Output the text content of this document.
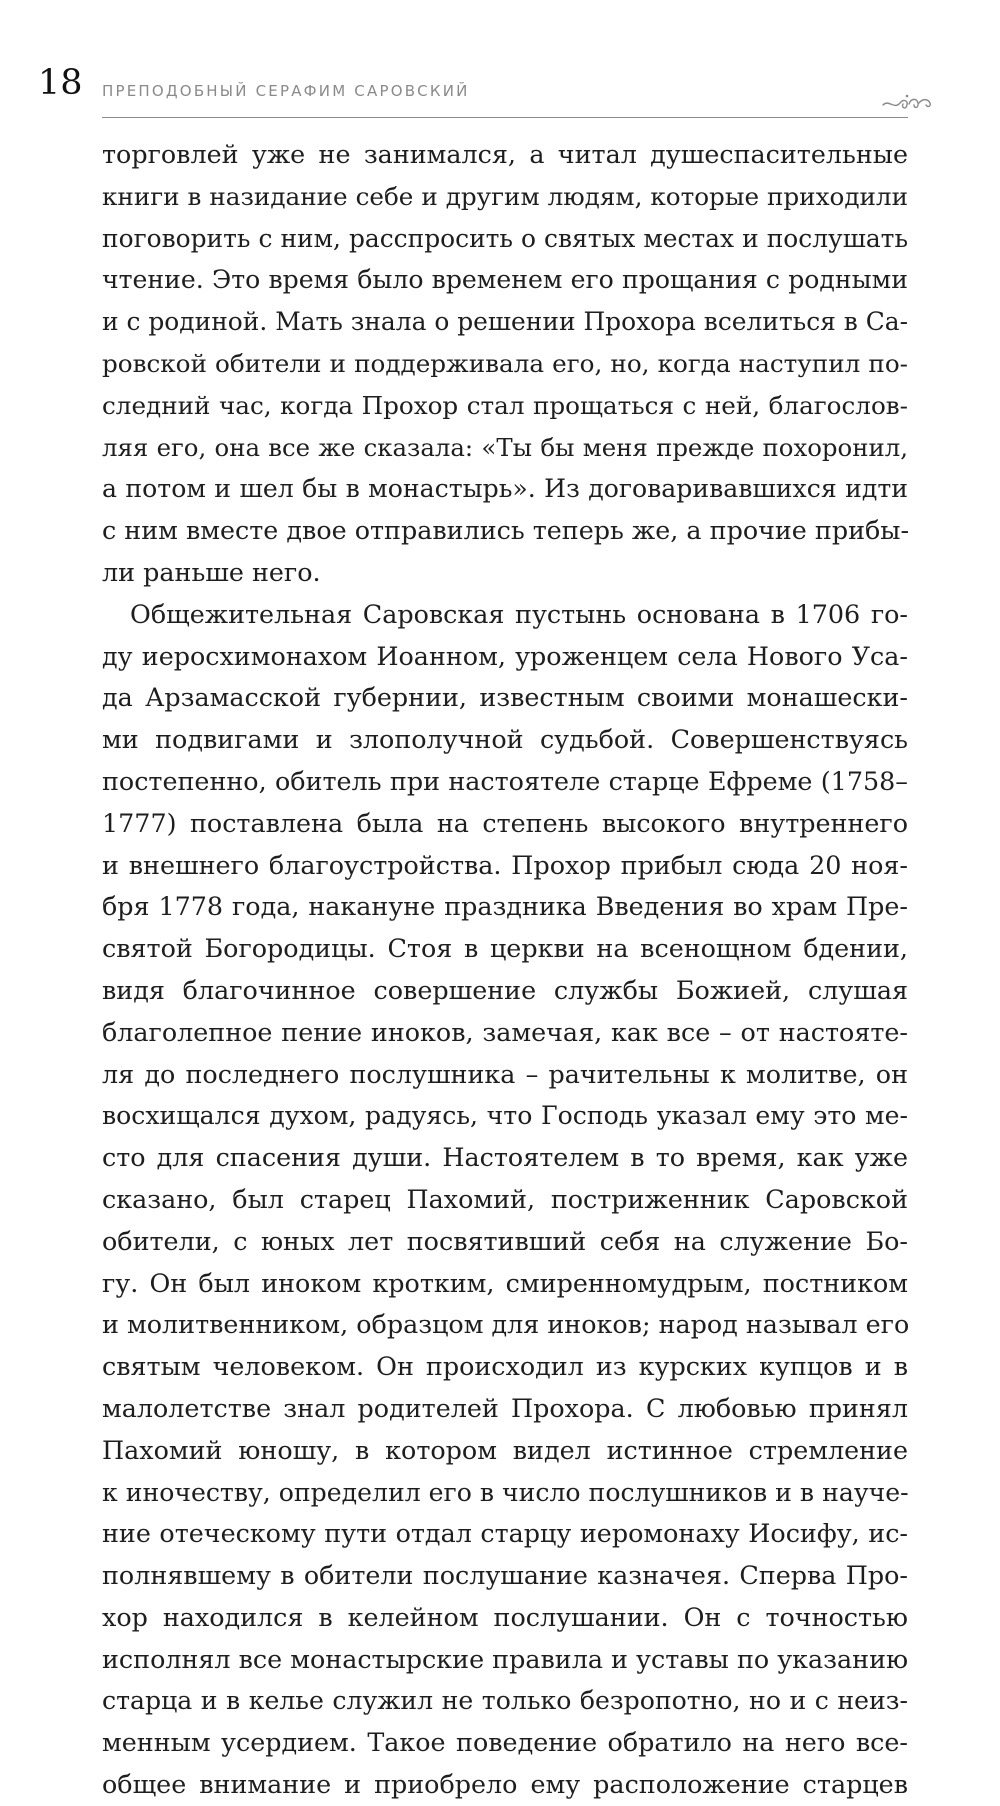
18 ПРЕПОДОБНЫЙ СЕРАФИМ САРОВСКИЙ
торговлей уже не занимался, а читал душеспасительные
книги в назидание себе и другим людям, которые приходили
поговорить с ним, расспросить о святых местах и послушать
чтение. Это время было временем его прощания с родными
и с родиной. Мать знала о решении Прохора вселиться в Са-
ровской обители и поддерживала его, но, когда наступил по-
следний час, когда Прохор стал прощаться с ней, благослов-
ляя его, она все же сказала: «Ты бы меня прежде похоронил,
а потом и шел бы в монастырь». Из договаривавшихся идти
с ним вместе двое отправились теперь же, а прочие прибы-
ли раньше него.
Общежительная Саровская пустынь основана в 1706 го-
ду иеросхимонахом Иоанном, уроженцем села Нового Уса-
да Арзамасской губернии, известным своими монашески-
ми подвигами и злополучной судьбой. Совершенствуясь
постепенно, обитель при настоятеле старце Ефреме (1758–
1777) поставлена была на степень высокого внутреннего
и внешнего благоустройства. Прохор прибыл сюда 20 ноя-
бря 1778 года, накануне праздника Введения во храм Пре-
святой Богородицы. Стоя в церкви на всенощном бдении,
видя благочинное совершение службы Божией, слушая
благолепное пение иноков, замечая, как все – от настояте-
ля до последнего послушника – рачительны к молитве, он
восхищался духом, радуясь, что Господь указал ему это ме-
сто для спасения души. Настоятелем в то время, как уже
сказано, был старец Пахомий, постриженник Саровской
обители, с юных лет посвятивший себя на служение Бо-
гу. Он был иноком кротким, смиренномудрым, постником
и молитвенником, образцом для иноков; народ называл его
святым человеком. Он происходил из курских купцов и в
малолетстве знал родителей Прохора. С любовью принял
Пахомий юношу, в котором видел истинное стремление
к иночеству, определил его в число послушников и в науче-
ние отеческому пути отдал старцу иеромонаху Иосифу, ис-
полнявшему в обители послушание казначея. Сперва Про-
хор находился в келейном послушании. Он с точностью
исполнял все монастырские правила и уставы по указанию
старца и в келье служил не только безропотно, но и с неиз-
менным усердием. Такое поведение обратило на него все-
общее внимание и приобрело ему расположение старцев
